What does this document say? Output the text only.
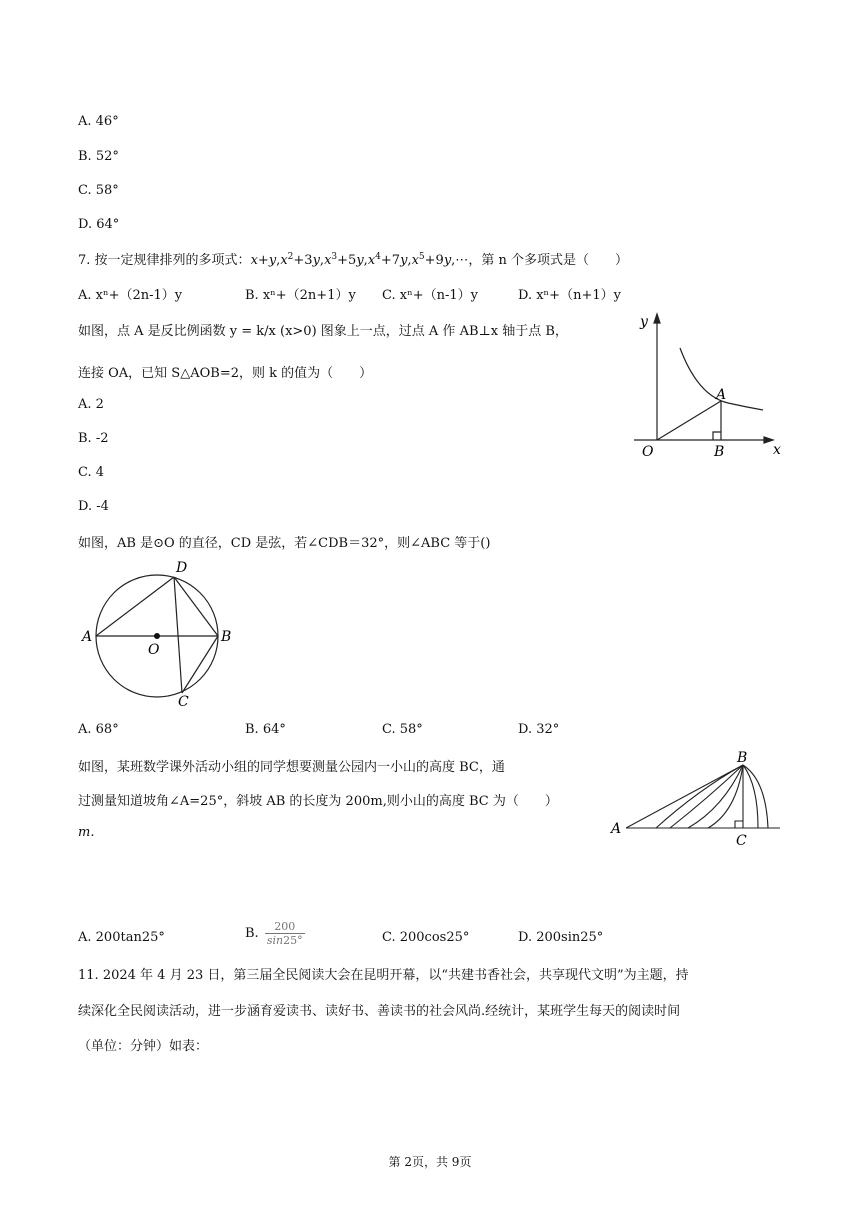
A. 46°
B. 52°
C. 58°
D. 64°
7. 按一定规律排列的多项式：$x+y,x^2+3y,x^3+5y,x^4+7y,x^5+9y,\cdots$，第 n 个多项式是（　　）
A. xⁿ+（2n-1）y	B. xⁿ+（2n+1）y C. xⁿ+（n-1）y	D. xⁿ+（n+1）y
如图，点 A 是反比例函数 y = k/x (x>0) 图象上一点，过点 A 作 AB⊥x 轴于点 B，
连接 OA，已知 S△AOB=2，则 k 的值为（　　）
A. 2
B. -2
C. 4
D. -4
y
x
O
A
B
如图，AB 是⊙O 的直径，CD 是弦，若∠CDB＝32°，则∠ABC 等于()
A	B
D
C
O
A. 68°	B. 64°	C. 58°	D. 32°
如图，某班数学课外活动小组的同学想要测量公园内一小山的高度 BC，通
过测量知道坡角∠A=25°，斜坡 AB 的长度为 200m,则小山的高度 BC 为（　　）
m.	A
B
C
A. 200tan25°	B. $\frac{200}{\sin 25^\circ}$	C. 200cos25°	D. 200sin25°
11. 2024 年 4 月 23 日，第三届全民阅读大会在昆明开幕，以“共建书香社会，共享现代文明”为主题，持
续深化全民阅读活动，进一步涵育爱读书、读好书、善读书的社会风尚.经统计，某班学生每天的阅读时间
（单位：分钟）如表：
第 2页，共 9页
